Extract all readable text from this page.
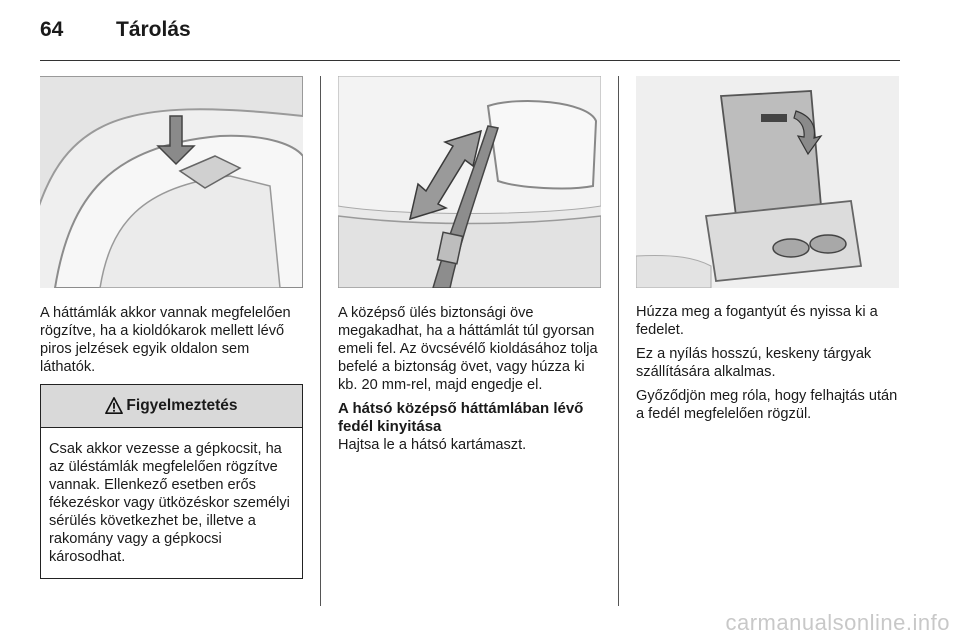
64	Tárolás

A háttámlák akkor vannak megfelelően rögzítve, ha a kioldókarok mellett lévő piros jelzések egyik oldalon sem láthatók.

Figyelmeztetés
Csak akkor vezesse a gépkocsit, ha az üléstámlák megfelelően rögzítve vannak. Ellenkező esetben erős fékezéskor vagy ütközéskor személyi sérülés következhet be, illetve a rakomány vagy a gépkocsi károsodhat.

A középső ülés biztonsági öve megakadhat, ha a háttámlát túl gyorsan emeli fel. Az övcsévélő kioldásához tolja befelé a biztonság övet, vagy húzza ki kb. 20 mm-rel, majd engedje el.

A hátsó középső háttámlában lévő fedél kinyitása

Hajtsa le a hátsó kartámaszt.

Húzza meg a fogantyút és nyissa ki a fedelet.

Ez a nyílás hosszú, keskeny tárgyak szállítására alkalmas.

Győződjön meg róla, hogy felhajtás után a fedél megfelelően rögzül.

carmanualsonline.info
